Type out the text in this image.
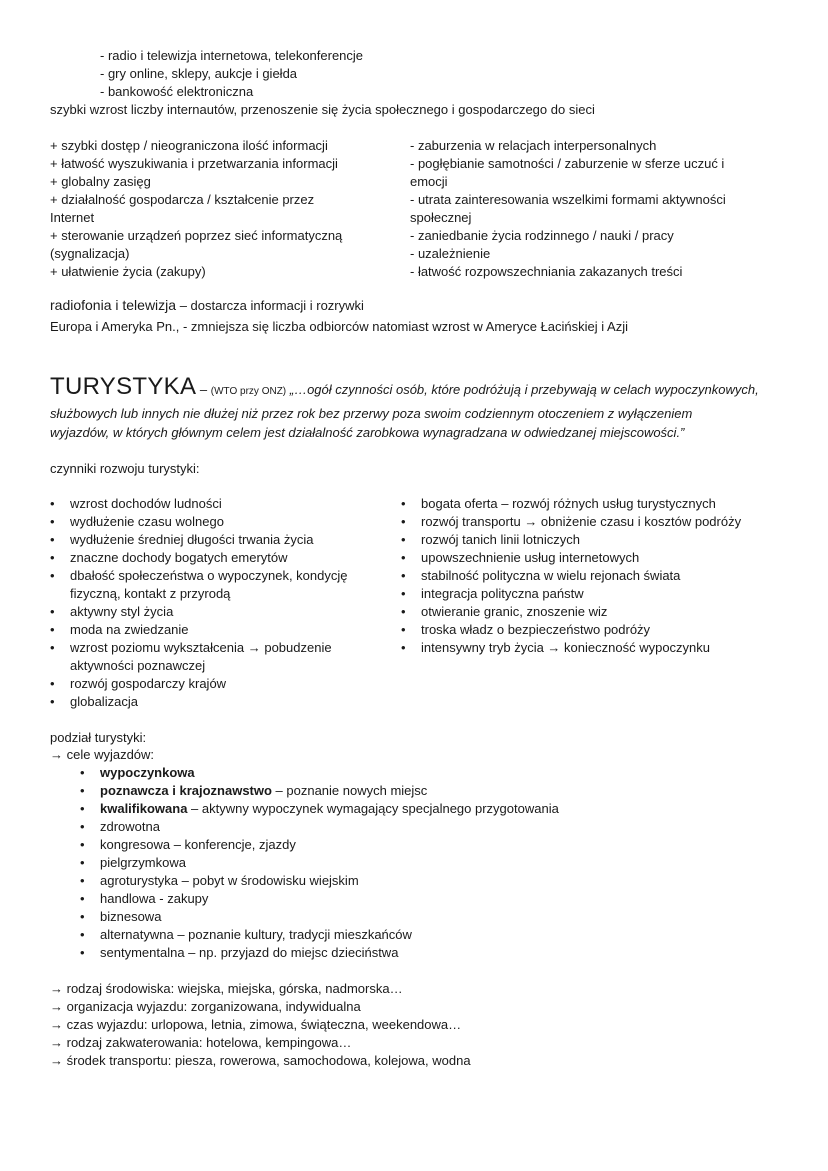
- radio i telewizja internetowa, telekonferencje
- gry online, sklepy, aukcje i giełda
- bankowość elektroniczna
szybki wzrost liczby internautów, przenoszenie się życia społecznego i gospodarczego do sieci
+ szybki dostęp / nieograniczona ilość informacji
+ łatwość wyszukiwania i przetwarzania informacji
+ globalny zasięg
+ działalność gospodarcza / kształcenie przez
Internet
+ sterowanie urządzeń poprzez sieć informatyczną
(sygnalizacja)
+ ułatwienie życia (zakupy)
- zaburzenia w relacjach interpersonalnych
- pogłębianie samotności / zaburzenie w sferze uczuć i
emocji
- utrata zainteresowania wszelkimi formami aktywności
społecznej
- zaniedbanie życia rodzinnego / nauki / pracy
- uzależnienie
- łatwość rozpowszechniania zakazanych treści
radiofonia i telewizja – dostarcza informacji i rozrywki
Europa i Ameryka Pn., - zmniejsza się liczba odbiorców natomiast wzrost w Ameryce Łacińskiej i Azji
TURYSTYKA – (WTO przy ONZ) „…ogół czynności osób, które podróżują i przebywają w celach wypoczynkowych,
służbowych lub innych nie dłużej niż przez rok bez przerwy poza swoim codziennym otoczeniem z wyłączeniem
wyjazdów, w których głównym celem jest działalność zarobkowa wynagradzana w odwiedzanej miejscowości.”
czynniki rozwoju turystyki:
• wzrost dochodów ludności
• wydłużenie czasu wolnego
• wydłużenie średniej długości trwania życia
• znaczne dochody bogatych emerytów
• dbałość społeczeństwa o wypoczynek, kondycję
fizyczną, kontakt z przyrodą
• aktywny styl życia
• moda na zwiedzanie
• wzrost poziomu wykształcenia → pobudzenie
aktywności poznawczej
• rozwój gospodarczy krajów
• globalizacja
• bogata oferta – rozwój różnych usług turystycznych
• rozwój transportu → obniżenie czasu i kosztów podróży
• rozwój tanich linii lotniczych
• upowszechnienie usług internetowych
• stabilność polityczna w wielu rejonach świata
• integracja polityczna państw
• otwieranie granic, znoszenie wiz
• troska władz o bezpieczeństwo podróży
• intensywny tryb życia → konieczność wypoczynku
podział turystyki:
→ cele wyjazdów:
• wypoczynkowa
• poznawcza i krajoznawstwo – poznanie nowych miejsc
• kwalifikowana – aktywny wypoczynek wymagający specjalnego przygotowania
• zdrowotna
• kongresowa – konferencje, zjazdy
• pielgrzymkowa
• agroturystyka – pobyt w środowisku wiejskim
• handlowa - zakupy
• biznesowa
• alternatywna – poznanie kultury, tradycji mieszkańców
• sentymentalna – np. przyjazd do miejsc dzieciństwa
→ rodzaj środowiska: wiejska, miejska, górska, nadmorska…
→ organizacja wyjazdu: zorganizowana, indywidualna
→ czas wyjazdu: urlopowa, letnia, zimowa, świąteczna, weekendowa…
→ rodzaj zakwaterowania: hotelowa, kempingowa…
→ środek transportu: piesza, rowerowa, samochodowa, kolejowa, wodna
